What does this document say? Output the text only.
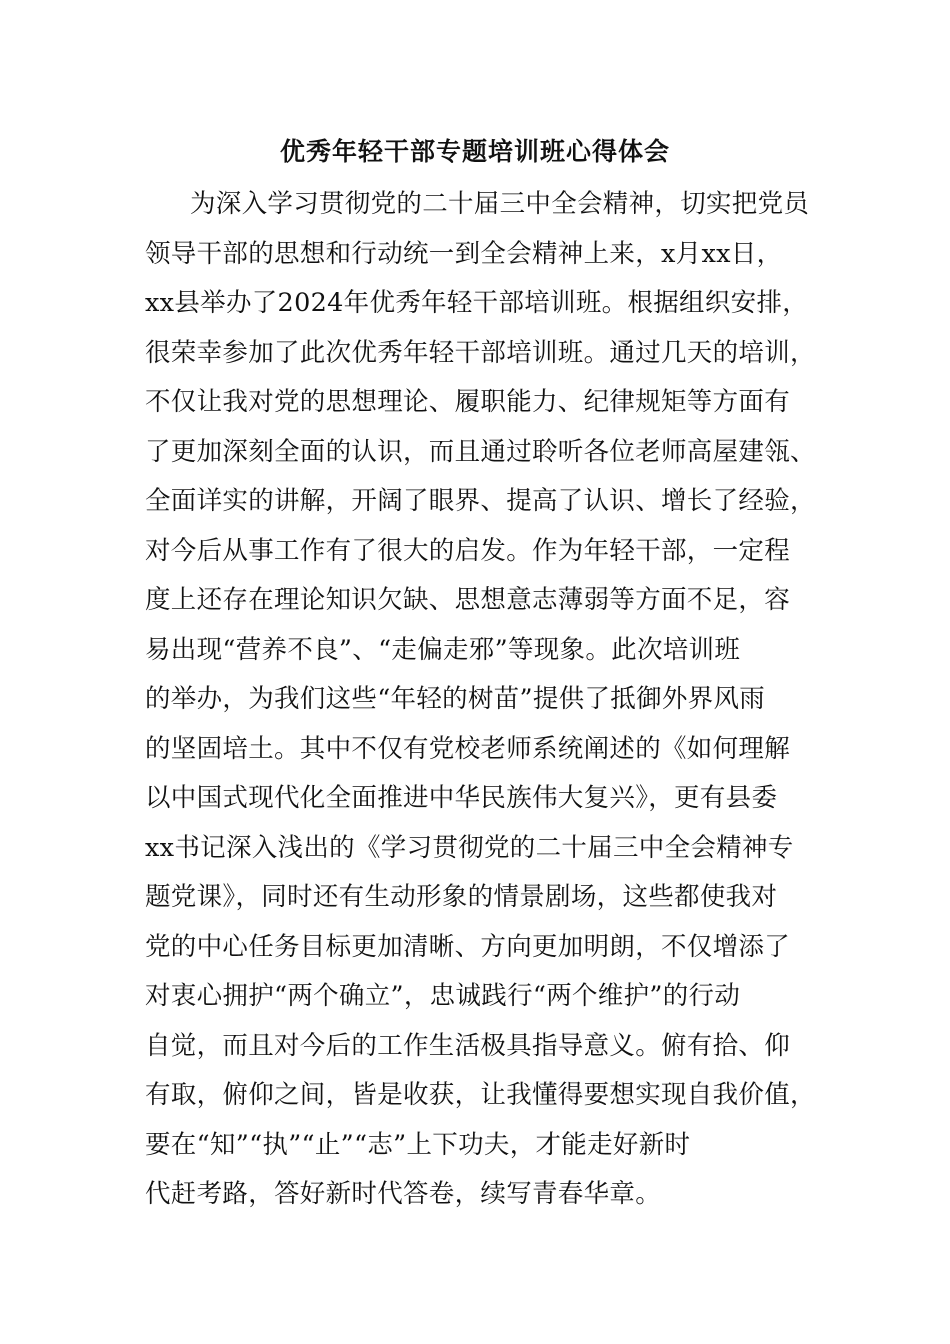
优秀年轻干部专题培训班心得体会
为深入学习贯彻党的二十届三中全会精神，切实把党员
领导干部的思想和行动统一到全会精神上来，x月xx日，
xx县举办了2024年优秀年轻干部培训班。根据组织安排，
很荣幸参加了此次优秀年轻干部培训班。通过几天的培训，
不仅让我对党的思想理论、履职能力、纪律规矩等方面有
了更加深刻全面的认识，而且通过聆听各位老师高屋建瓴、
全面详实的讲解，开阔了眼界、提高了认识、增长了经验，
对今后从事工作有了很大的启发。作为年轻干部，一定程
度上还存在理论知识欠缺、思想意志薄弱等方面不足，容
易出现“营养不良”、“走偏走邪”等现象。此次培训班
的举办，为我们这些“年轻的树苗”提供了抵御外界风雨
的坚固培土。其中不仅有党校老师系统阐述的《如何理解
以中国式现代化全面推进中华民族伟大复兴》，更有县委
xx书记深入浅出的《学习贯彻党的二十届三中全会精神专
题党课》，同时还有生动形象的情景剧场，这些都使我对
党的中心任务目标更加清晰、方向更加明朗，不仅增添了
对衷心拥护“两个确立”，忠诚践行“两个维护”的行动
自觉，而且对今后的工作生活极具指导意义。俯有拾、仰
有取，俯仰之间，皆是收获，让我懂得要想实现自我价值，
要在“知”“执”“止”“志”上下功夫，才能走好新时
代赶考路，答好新时代答卷，续写青春华章。
